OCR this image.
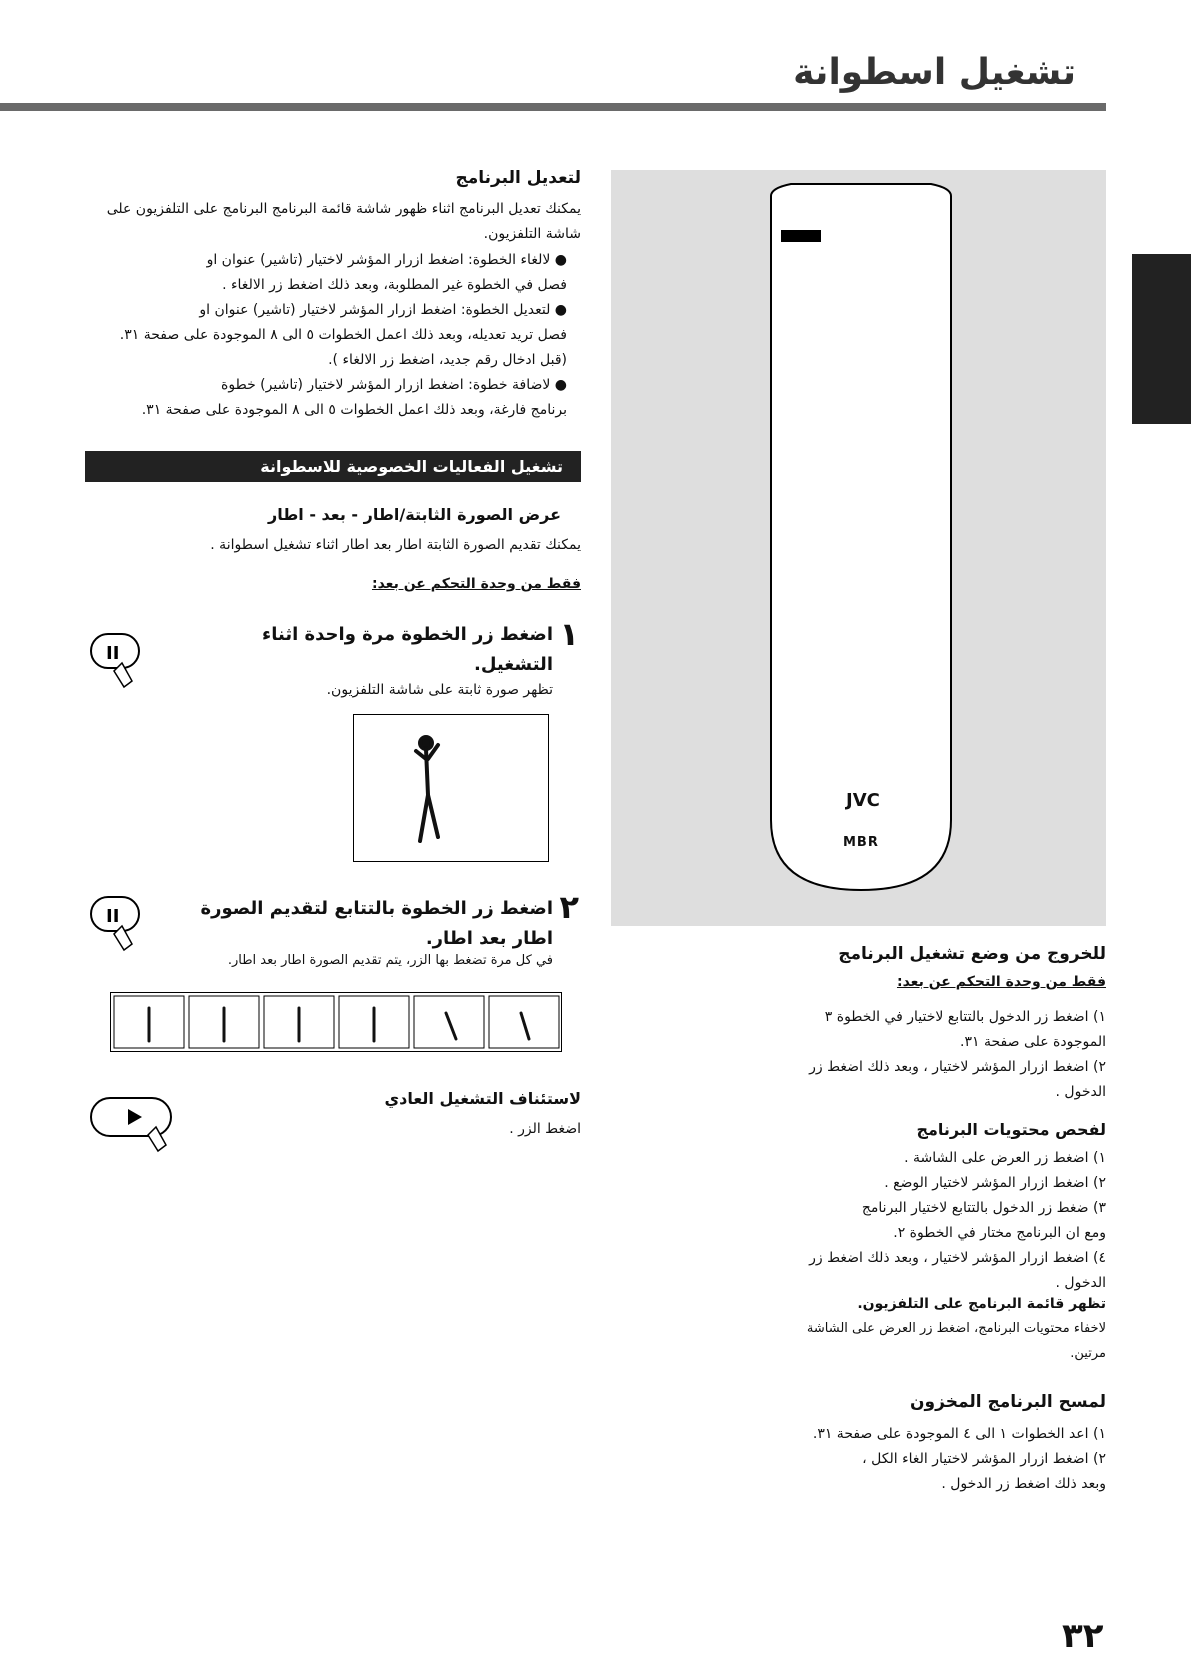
تشغيل اسطوانة
لتعديل البرنامج
يمكنك تعديل البرنامج اثناء ظهور شاشة قائمة البرنامج البرنامج على التلفزيون على
شاشة التلفزيون.
● لالغاء الخطوة: اضغط ازرار المؤشر لاختيار (تاشير) عنوان او
فصل في الخطوة غير المطلوبة، وبعد ذلك اضغط زر الالغاء .
● لتعديل الخطوة: اضغط ازرار المؤشر لاختيار (تاشير) عنوان او
فصل تريد تعديله، وبعد ذلك اعمل الخطوات ٥ الى ٨ الموجودة على صفحة ٣١.
(قبل ادخال رقم جديد، اضغط زر الالغاء ).
● لاضافة خطوة: اضغط ازرار المؤشر لاختيار (تاشير) خطوة
برنامج فارغة، وبعد ذلك اعمل الخطوات ٥ الى ٨ الموجودة على صفحة ٣١.
تشغيل الفعاليات الخصوصية للاسطوانة
عرض الصورة الثابتة/اطار - بعد - اطار
يمكنك تقديم الصورة الثابتة اطار بعد اطار اثناء تشغيل اسطوانة .
فقط من وحدة التحكم عن بعد:
١
اضغط زر الخطوة مرة واحدة اثناء
التشغيل.
تظهر صورة ثابتة على شاشة التلفزيون.
II
٢
اضغط زر الخطوة بالتتابع لتقديم الصورة
اطار بعد اطار.
في كل مرة تضغط بها الزر، يتم تقديم الصورة اطار بعد اطار.
II
لاستئناف التشغيل العادي
اضغط الزر .
JVC
MBR
للخروج من وضع تشغيل البرنامج
فقط من وحدة التحكم عن بعد:
١) اضغط زر الدخول بالتتابع لاختيار في الخطوة ٣
الموجودة على صفحة ٣١.
٢) اضغط ازرار المؤشر لاختيار ، وبعد ذلك اضغط زر
الدخول .
لفحص محتويات البرنامج
١) اضغط زر العرض على الشاشة .
٢) اضغط ازرار المؤشر لاختيار الوضع .
٣) ضغط زر الدخول بالتتابع لاختيار البرنامج
ومع ان البرنامج مختار في الخطوة ٢.
٤) اضغط ازرار المؤشر لاختيار ، وبعد ذلك اضغط زر
الدخول .
تظهر قائمة البرنامج على التلفزيون.
لاخفاء محتويات البرنامج، اضغط زر العرض على الشاشة
مرتين.
لمسح البرنامج المخزون
١) اعد الخطوات ١ الى ٤ الموجودة على صفحة ٣١.
٢) اضغط ازرار المؤشر لاختيار الغاء الكل ،
وبعد ذلك اضغط زر الدخول .
٣٢
